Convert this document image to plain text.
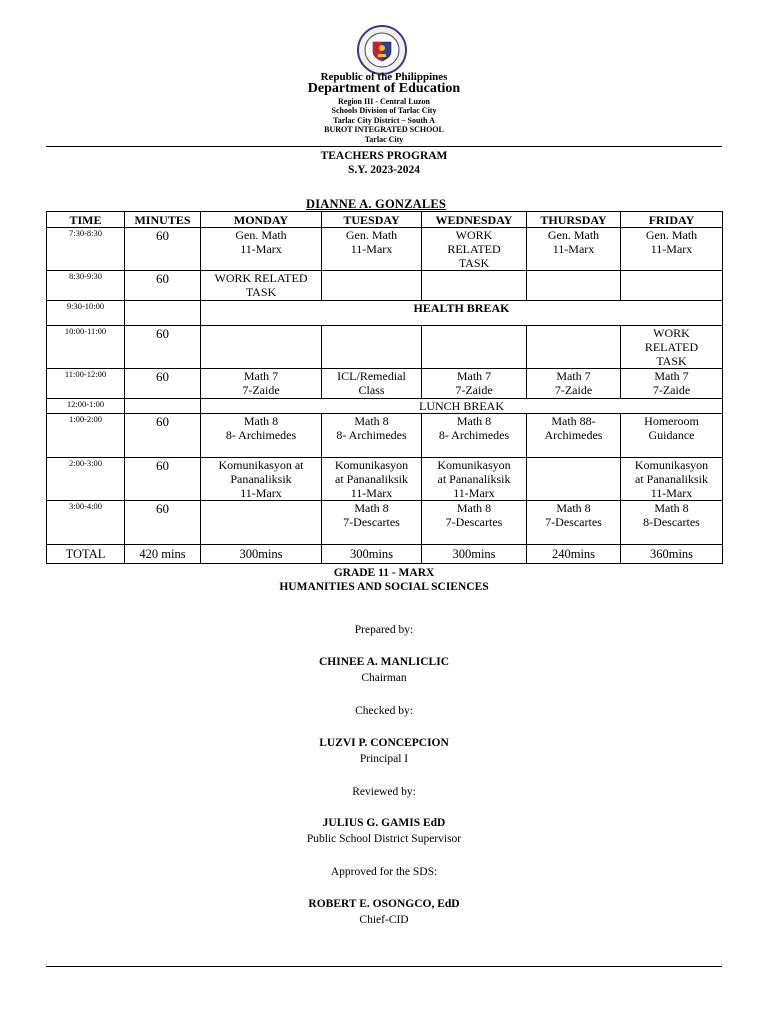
Republic of the Philippines
Department of Education
Region III - Central Luzon
Schools Division of Tarlac City
Tarlac City District – South A
BUROT INTEGRATED SCHOOL
Tarlac City
TEACHERS PROGRAM
S.Y. 2023-2024
DIANNE A. GONZALES
TIME	MINUTES	MONDAY	TUESDAY	WEDNESDAY	THURSDAY	FRIDAY
7:30-8:30	60	Gen. Math
11-Marx	Gen. Math
11-Marx	WORK
RELATED
TASK	Gen. Math
11-Marx	Gen. Math
11-Marx
8:30-9:30	60	WORK RELATED
TASK				
9:30-10:00		HEALTH BREAK				
10:00-11:00	60					WORK
RELATED
TASK
11:00-12:00	60	Math 7
7-Zaide	ICL/Remedial
Class	Math 7
7-Zaide	Math 7
7-Zaide	Math 7
7-Zaide
12:00-1:00		LUNCH BREAK				
1:00-2:00	60	Math 8
8- Archimedes	Math 8
8- Archimedes	Math 8
8- Archimedes	Math 88-
Archimedes	Homeroom
Guidance
2:00-3:00	60	Komunikasyon at
Pananaliksik
11-Marx	Komunikasyon
at Pananaliksik
11-Marx	Komunikasyon
at Pananaliksik
11-Marx		Komunikasyon
at Pananaliksik
11-Marx
3:00-4:00	60		Math 8
7-Descartes	Math 8
7-Descartes	Math 8
7-Descartes	Math 8
8-Descartes
TOTAL	420 mins	300mins	300mins	300mins	240mins	360mins
GRADE 11 - MARX
HUMANITIES AND SOCIAL SCIENCES
Prepared by:
CHINEE A. MANLICLIC
Chairman
Checked by:
LUZVI P. CONCEPCION
Principal I
Reviewed by:
JULIUS G. GAMIS EdD
Public School District Supervisor
Approved for the SDS:
ROBERT E. OSONGCO, EdD
Chief-CID
